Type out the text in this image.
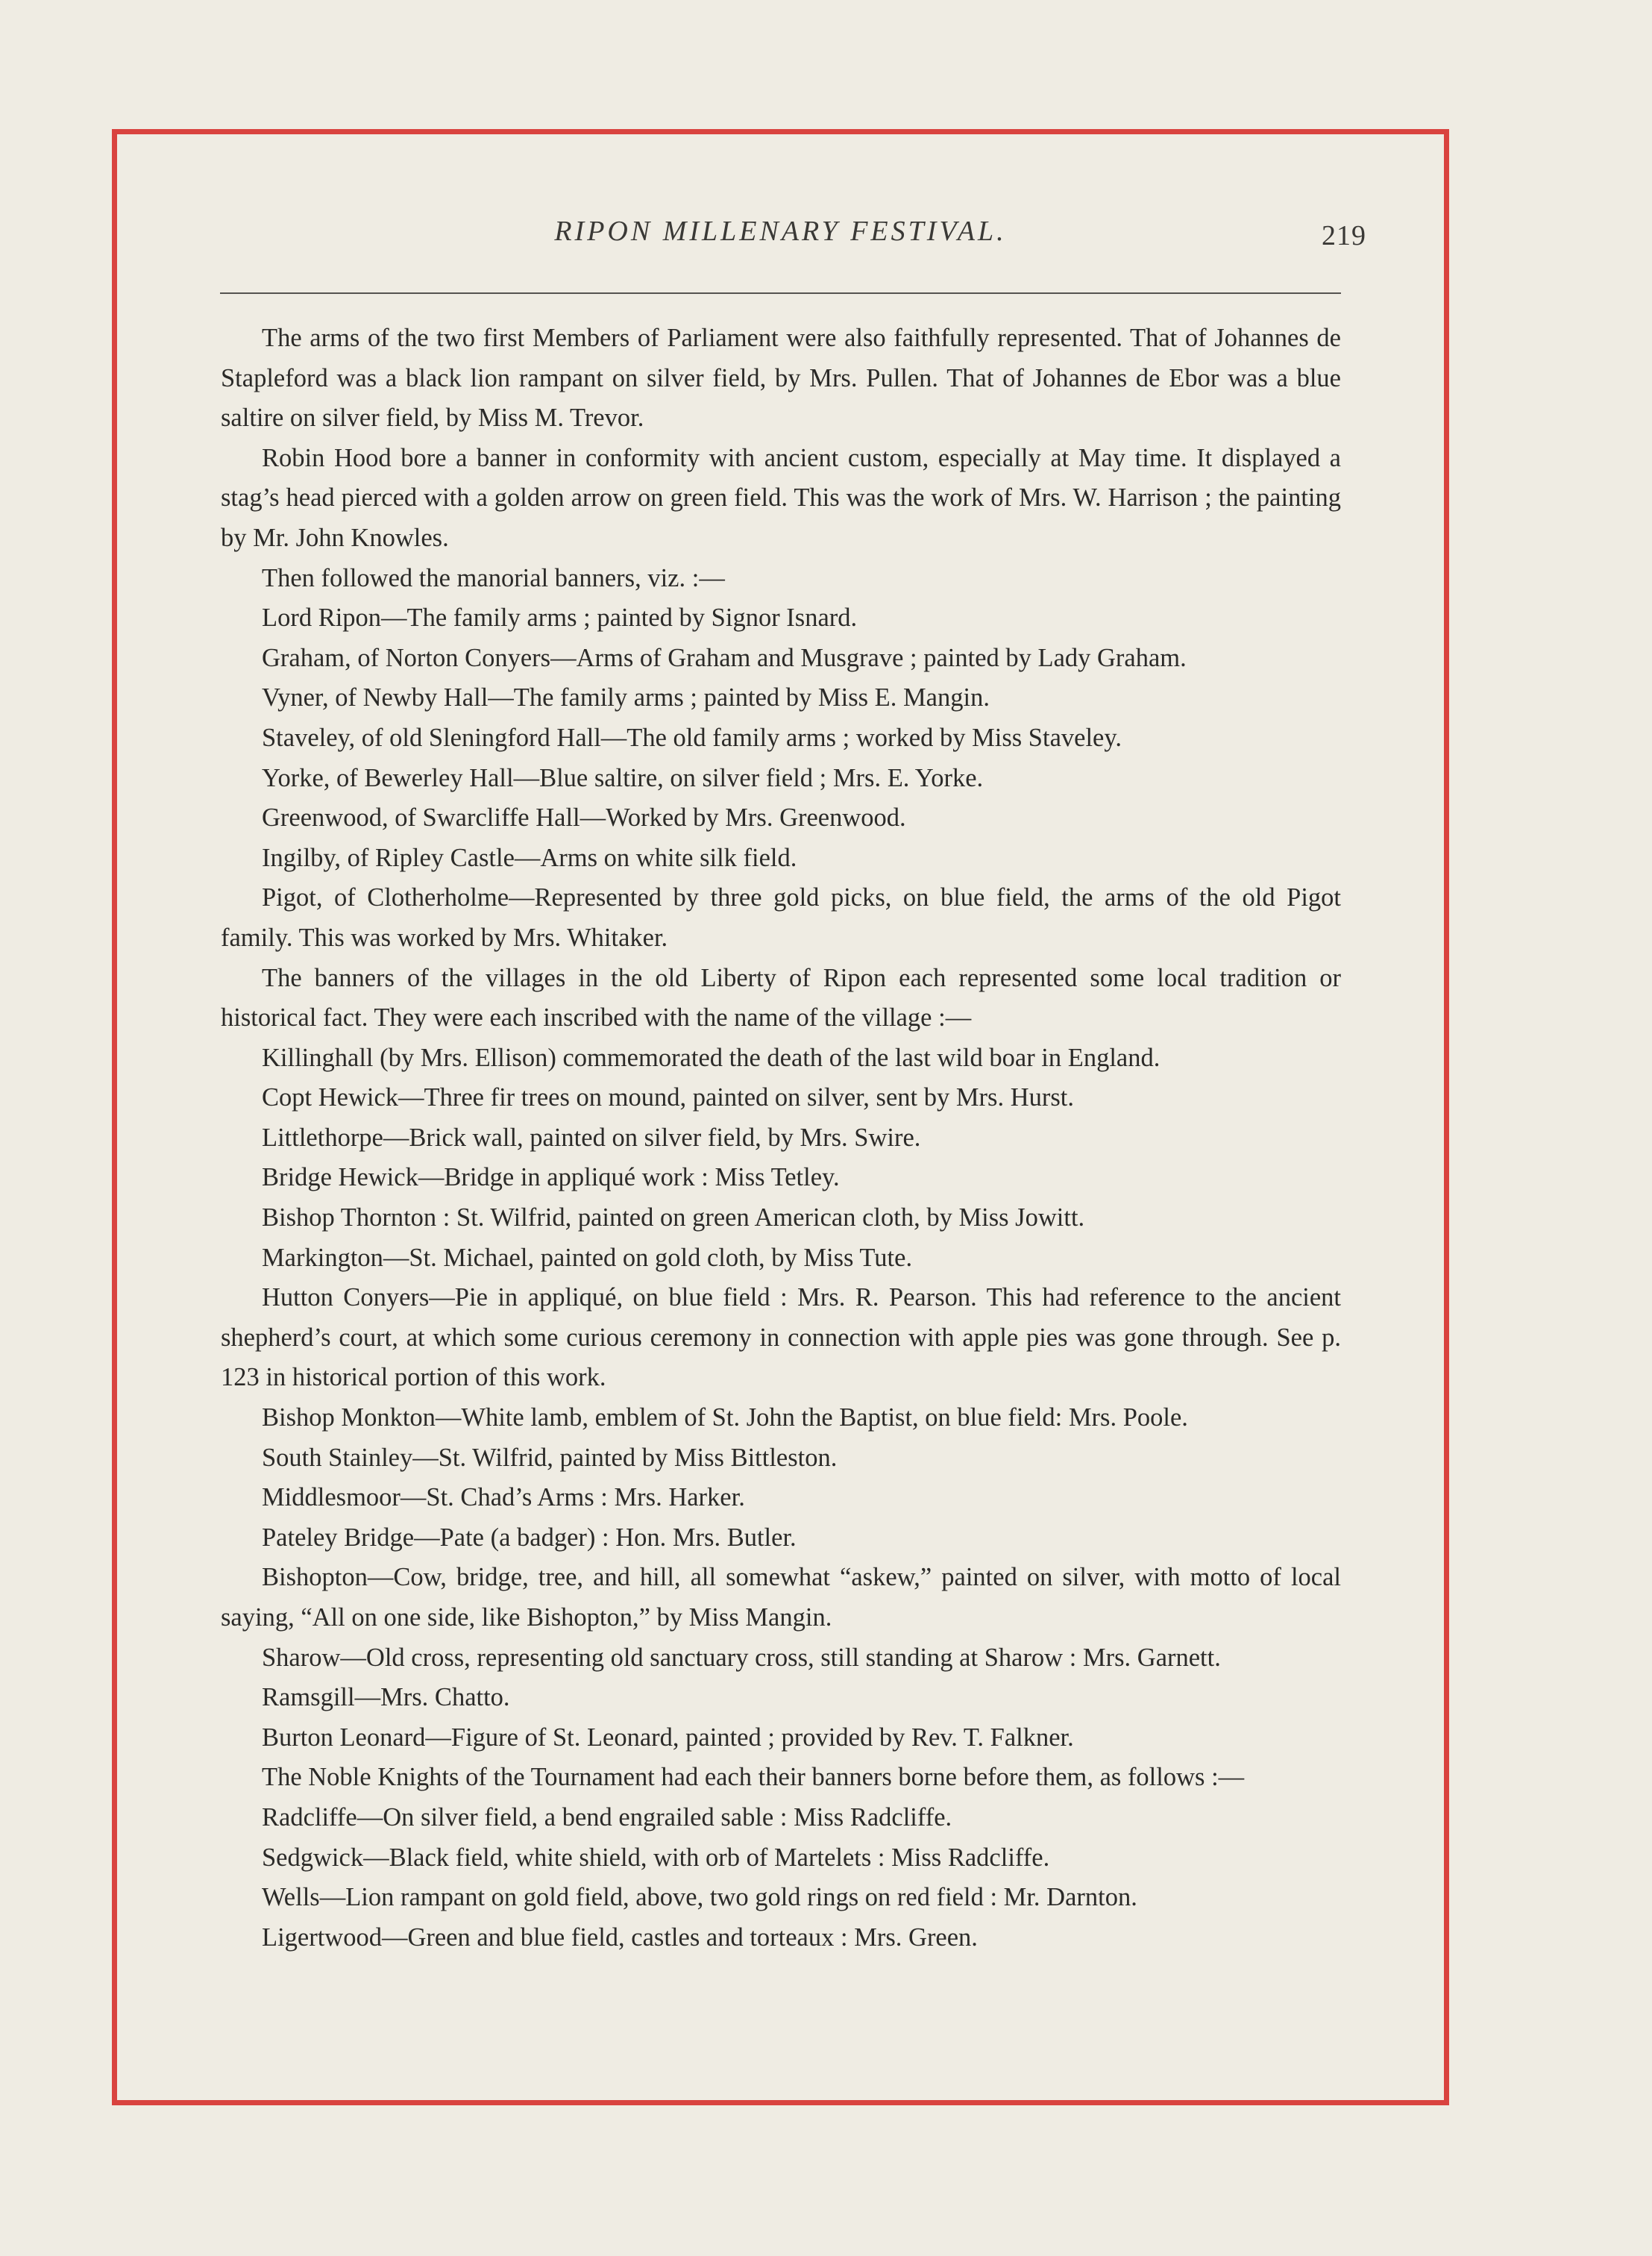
RIPON MILLENARY FESTIVAL.	219

The arms of the two first Members of Parliament were also faithfully represented. That of Johannes de Stapleford was a black lion rampant on silver field, by Mrs. Pullen. That of Johannes de Ebor was a blue saltire on silver field, by Miss M. Trevor.

Robin Hood bore a banner in conformity with ancient custom, especially at May time. It displayed a stag’s head pierced with a golden arrow on green field. This was the work of Mrs. W. Harrison ; the painting by Mr. John Knowles.

Then followed the manorial banners, viz. :—

Lord Ripon—The family arms ; painted by Signor Isnard.

Graham, of Norton Conyers—Arms of Graham and Musgrave ; painted by Lady Graham.

Vyner, of Newby Hall—The family arms ; painted by Miss E. Mangin.

Staveley, of old Sleningford Hall—The old family arms ; worked by Miss Staveley.

Yorke, of Bewerley Hall—Blue saltire, on silver field ; Mrs. E. Yorke.

Greenwood, of Swarcliffe Hall—Worked by Mrs. Greenwood.

Ingilby, of Ripley Castle—Arms on white silk field.

Pigot, of Clotherholme—Represented by three gold picks, on blue field, the arms of the old Pigot family. This was worked by Mrs. Whitaker.

The banners of the villages in the old Liberty of Ripon each represented some local tradition or historical fact. They were each inscribed with the name of the village :—

Killinghall (by Mrs. Ellison) commemorated the death of the last wild boar in England.

Copt Hewick—Three fir trees on mound, painted on silver, sent by Mrs. Hurst.

Littlethorpe—Brick wall, painted on silver field, by Mrs. Swire.

Bridge Hewick—Bridge in appliqué work : Miss Tetley.

Bishop Thornton : St. Wilfrid, painted on green American cloth, by Miss Jowitt.

Markington—St. Michael, painted on gold cloth, by Miss Tute.

Hutton Conyers—Pie in appliqué, on blue field : Mrs. R. Pearson. This had reference to the ancient shepherd’s court, at which some curious ceremony in connection with apple pies was gone through. See p. 123 in historical portion of this work.

Bishop Monkton—White lamb, emblem of St. John the Baptist, on blue field: Mrs. Poole.

South Stainley—St. Wilfrid, painted by Miss Bittleston.

Middlesmoor—St. Chad’s Arms : Mrs. Harker.

Pateley Bridge—Pate (a badger) : Hon. Mrs. Butler.

Bishopton—Cow, bridge, tree, and hill, all somewhat “askew,” painted on silver, with motto of local saying, “All on one side, like Bishopton,” by Miss Mangin.

Sharow—Old cross, representing old sanctuary cross, still standing at Sharow : Mrs. Garnett.

Ramsgill—Mrs. Chatto.

Burton Leonard—Figure of St. Leonard, painted ; provided by Rev. T. Falkner.

The Noble Knights of the Tournament had each their banners borne before them, as follows :—

Radcliffe—On silver field, a bend engrailed sable : Miss Radcliffe.

Sedgwick—Black field, white shield, with orb of Martelets : Miss Radcliffe.

Wells—Lion rampant on gold field, above, two gold rings on red field : Mr. Darnton.

Ligertwood—Green and blue field, castles and torteaux : Mrs. Green.
